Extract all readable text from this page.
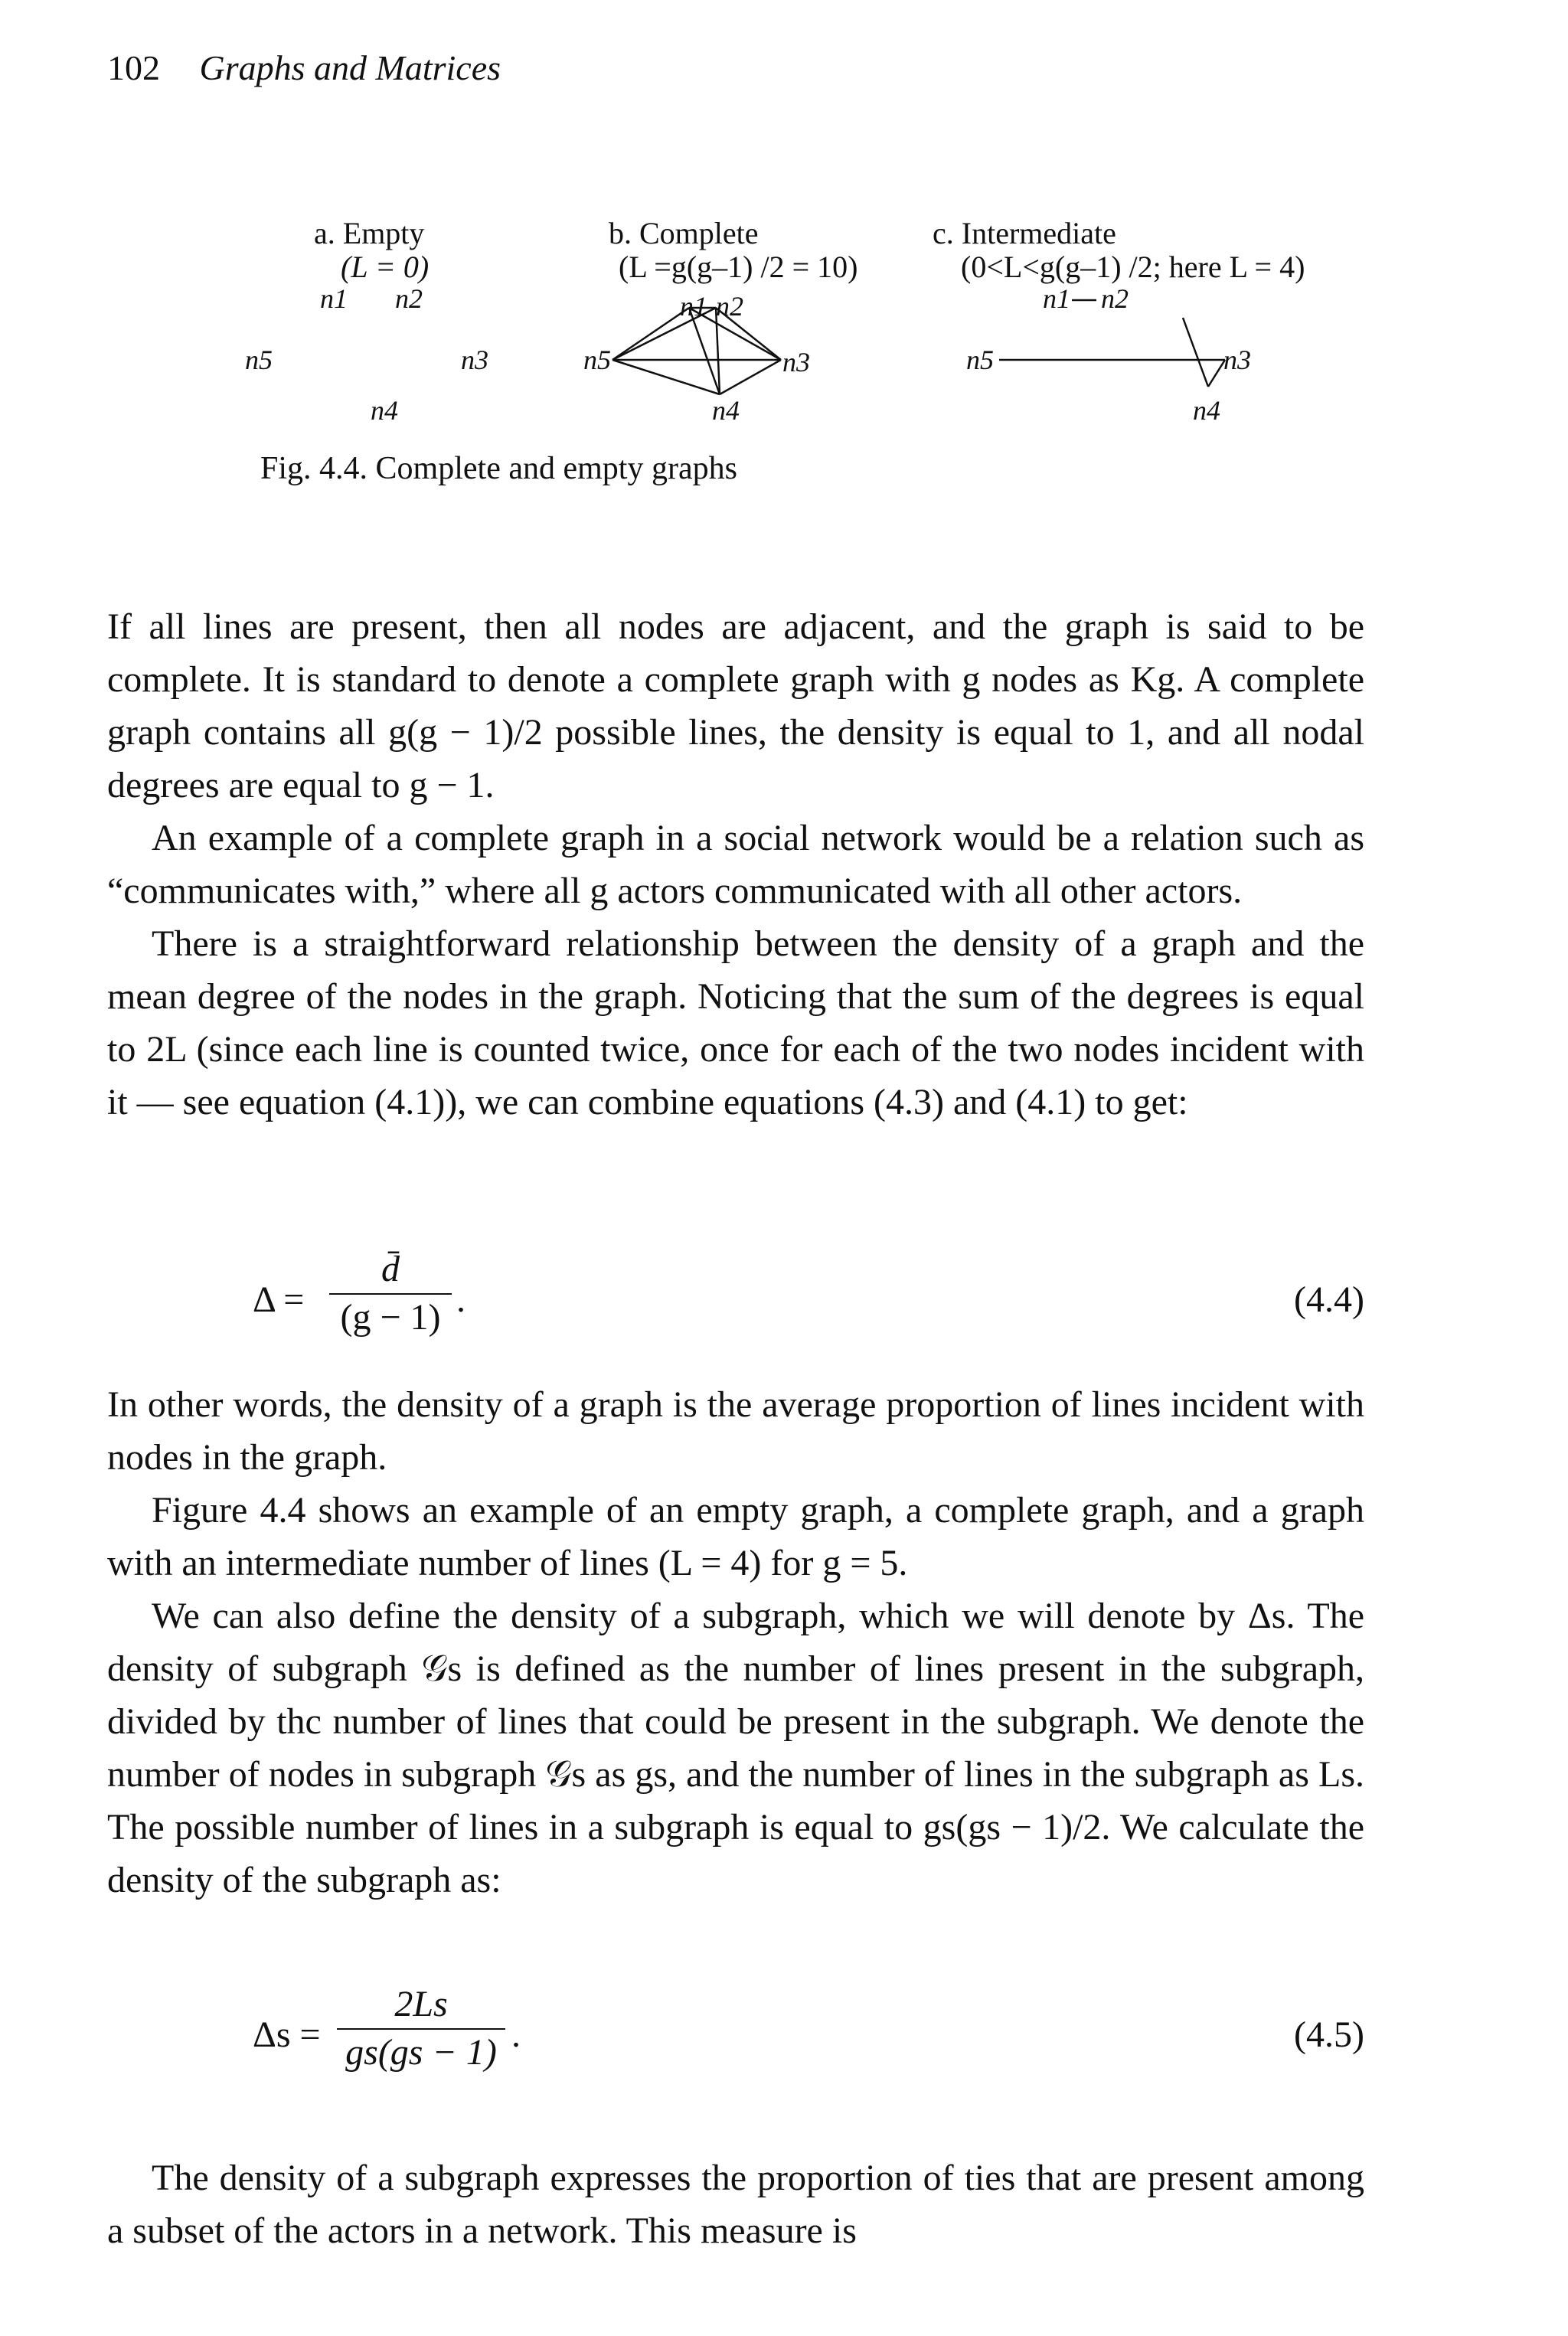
102 Graphs and Matrices
a. Empty
(L = 0)
b. Complete
(L =g(g–1) /2 = 10)
c. Intermediate
(0<L<g(g–1) /2; here L = 4)
n1 n2
n3
n4
n5
n1 n2
n3
n4
n5
n1 n2
n3
n4
n5
Fig. 4.4. Complete and empty graphs

If all lines are present, then all nodes are adjacent, and the graph is said to be complete. It is standard to denote a complete graph with g nodes as Kg. A complete graph contains all g(g − 1)/2 possible lines, the density is equal to 1, and all nodal degrees are equal to g − 1.

An example of a complete graph in a social network would be a relation such as “communicates with,” where all g actors communicated with all other actors.

There is a straightforward relationship between the density of a graph and the mean degree of the nodes in the graph. Noticing that the sum of the degrees is equal to 2L (since each line is counted twice, once for each of the two nodes incident with it — see equation (4.1)), we can combine equations (4.3) and (4.1) to get:

Δ =
d̄
(g − 1) .	(4.4)

In other words, the density of a graph is the average proportion of lines incident with nodes in the graph.

Figure 4.4 shows an example of an empty graph, a complete graph, and a graph with an intermediate number of lines (L = 4) for g = 5.

We can also define the density of a subgraph, which we will denote by Δs. The density of subgraph 𝒢s is defined as the number of lines present in the subgraph, divided by thc number of lines that could be present in the subgraph. We denote the number of nodes in subgraph 𝒢s as gs, and the number of lines in the subgraph as Ls. The possible number of lines in a subgraph is equal to gs(gs − 1)/2. We calculate the density of the subgraph as:

Δs =
2Ls
gs(gs − 1) .	(4.5)

The density of a subgraph expresses the proportion of ties that are present among a subset of the actors in a network. This measure is
